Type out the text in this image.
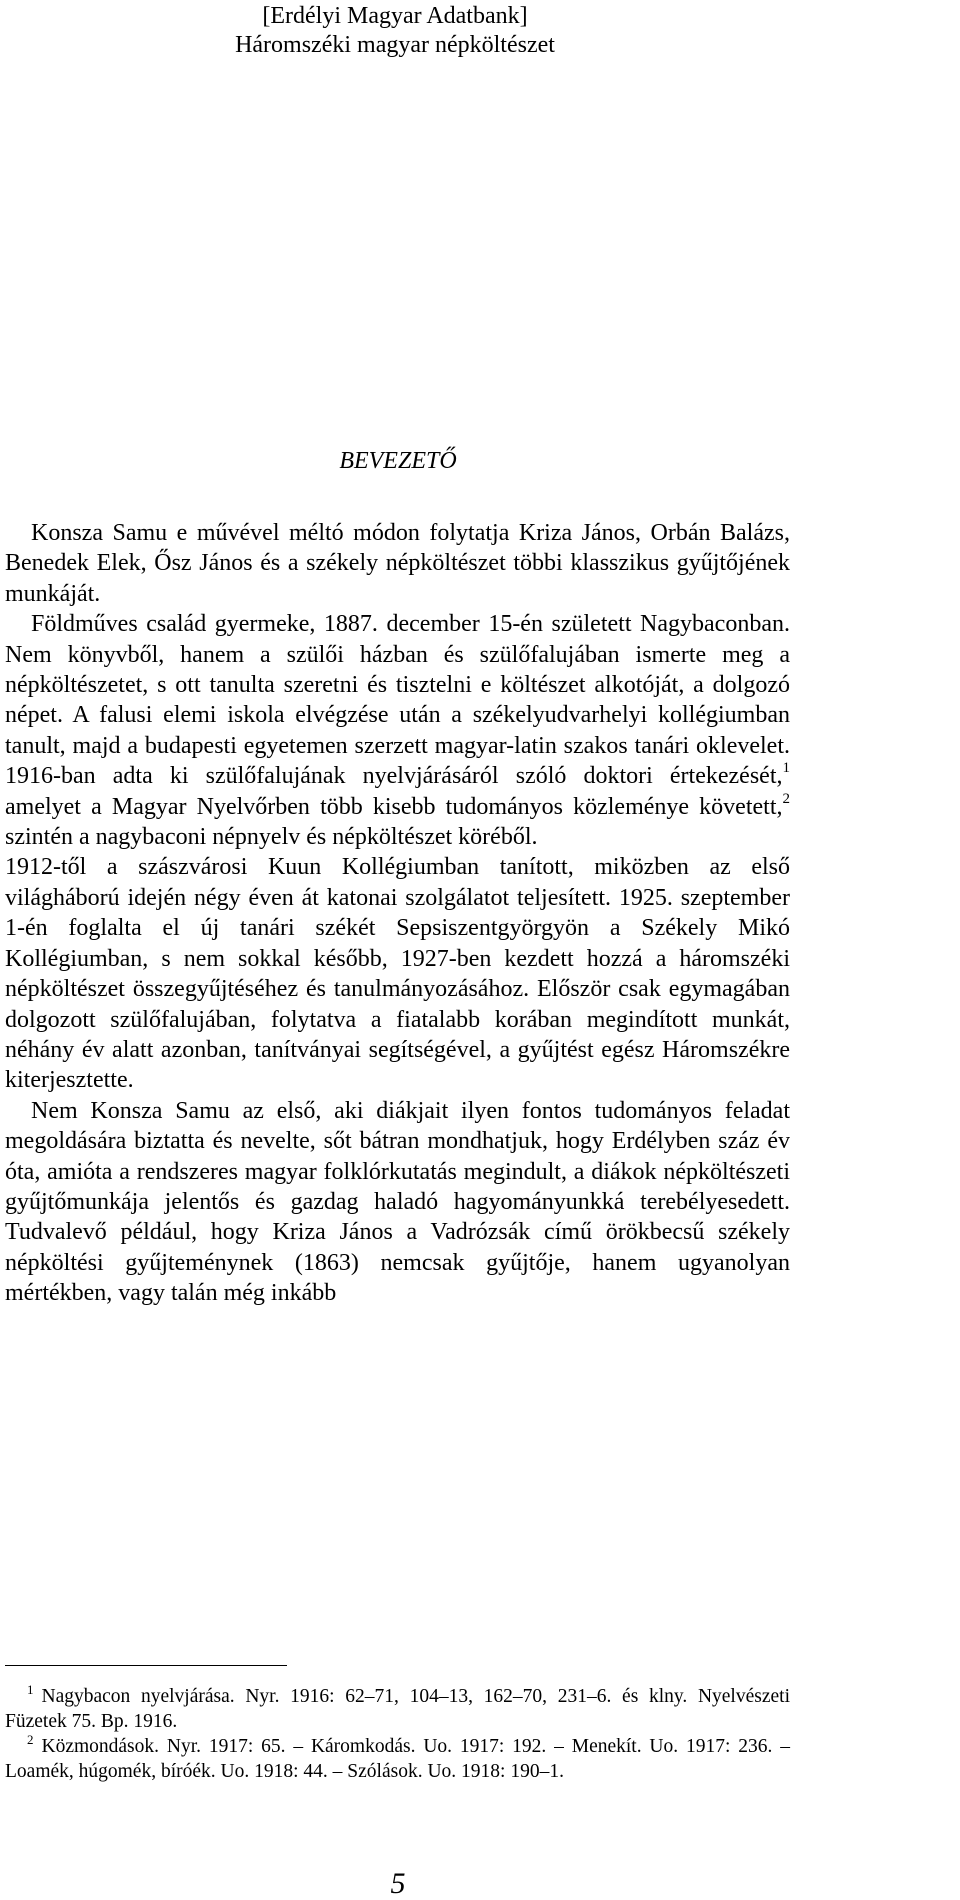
[Erdélyi Magyar Adatbank]
Háromszéki magyar népköltészet
BEVEZETŐ

Konsza Samu e művével méltó módon folytatja Kriza János, Orbán Balázs, Benedek Elek, Ősz János és a székely népköltészet többi klasszikus gyűjtőjének munkáját.

Földműves család gyermeke, 1887. december 15-én született Nagybaconban. Nem könyvből, hanem a szülői házban és szülőfalujában ismerte meg a népköltészetet, s ott tanulta szeretni és tisztelni e költészet alkotóját, a dolgozó népet. A falusi elemi iskola elvégzése után a székelyudvarhelyi kollégiumban tanult, majd a budapesti egyetemen szerzett magyar-latin szakos tanári oklevelet. 1916-ban adta ki szülőfalujának nyelvjárásáról szóló doktori értekezését,$^1$ amelyet a Magyar Nyelvőrben több kisebb tudományos közleménye követett,$^2$ szintén a nagybaconi népnyelv és népköltészet köréből.

1912-től a szászvárosi Kuun Kollégiumban tanított, miközben az első világháború idején négy éven át katonai szolgálatot teljesített. 1925. szeptember 1-én foglalta el új tanári székét Sepsiszentgyörgyön a Székely Mikó Kollégiumban, s nem sokkal később, 1927-ben kezdett hozzá a háromszéki népköltészet összegyűjtéséhez és tanulmányozásához. Először csak egymagában dolgozott szülőfalujában, folytatva a fiatalabb korában megindított munkát, néhány év alatt azonban, tanítványai segítségével, a gyűjtést egész Háromszékre kiterjesztette.

Nem Konsza Samu az első, aki diákjait ilyen fontos tudományos feladat megoldására biztatta és nevelte, sőt bátran mondhatjuk, hogy Erdélyben száz év óta, amióta a rendszeres magyar folklórkutatás megindult, a diákok népköltészeti gyűjtőmunkája jelentős és gazdag haladó hagyományunkká terebélyesedett. Tudvalevő például, hogy Kriza János a Vadrózsák című örökbecsű székely népköltési gyűjteménynek (1863) nemcsak gyűjtője, hanem ugyanolyan mértékben, vagy talán még inkább

$^1$ Nagybacon nyelvjárása. Nyr. 1916: 62–71, 104–13, 162–70, 231–6. és klny. Nyelvészeti Füzetek 75. Bp. 1916.

$^2$ Közmondások. Nyr. 1917: 65. – Káromkodás. Uo. 1917: 192. – Menekít. Uo. 1917: 236. – Loamék, húgomék, bíróék. Uo. 1918: 44. – Szólások. Uo. 1918: 190–1.

5
